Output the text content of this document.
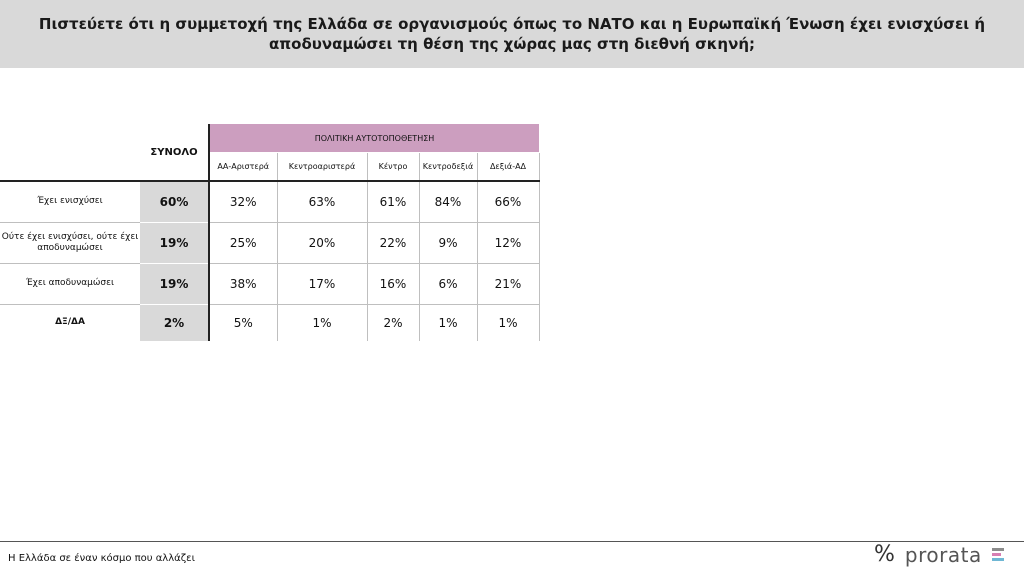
Πιστεύετε ότι η συμμετοχή της Ελλάδα σε οργανισμούς όπως το ΝΑΤΟ και η Ευρωπαϊκή Ένωση έχει ενισχύσει ή αποδυναμώσει τη θέση της χώρας μας στη διεθνή σκηνή;
	ΣΥΝΟΛΟ	ΠΟΛΙΤΙΚΗ ΑΥΤΟΤΟΠΟΘΕΤΗΣΗ				
		ΑΑ-Αριστερά	Κεντροαριστερά	Κέντρο	Κεντροδεξιά	Δεξιά-ΑΔ
Έχει ενισχύσει	60%	32%	63%	61%	84%	66%
Ούτε έχει ενισχύσει, ούτε έχει αποδυναμώσει	19%	25%	20%	22%	9%	12%
Έχει αποδυναμώσει	19%	38%	17%	16%	6%	21%
ΔΞ/ΔΑ	2%	5%	1%	2%	1%	1%
Η Ελλάδα σε έναν κόσμο που αλλάζει	% prorata
